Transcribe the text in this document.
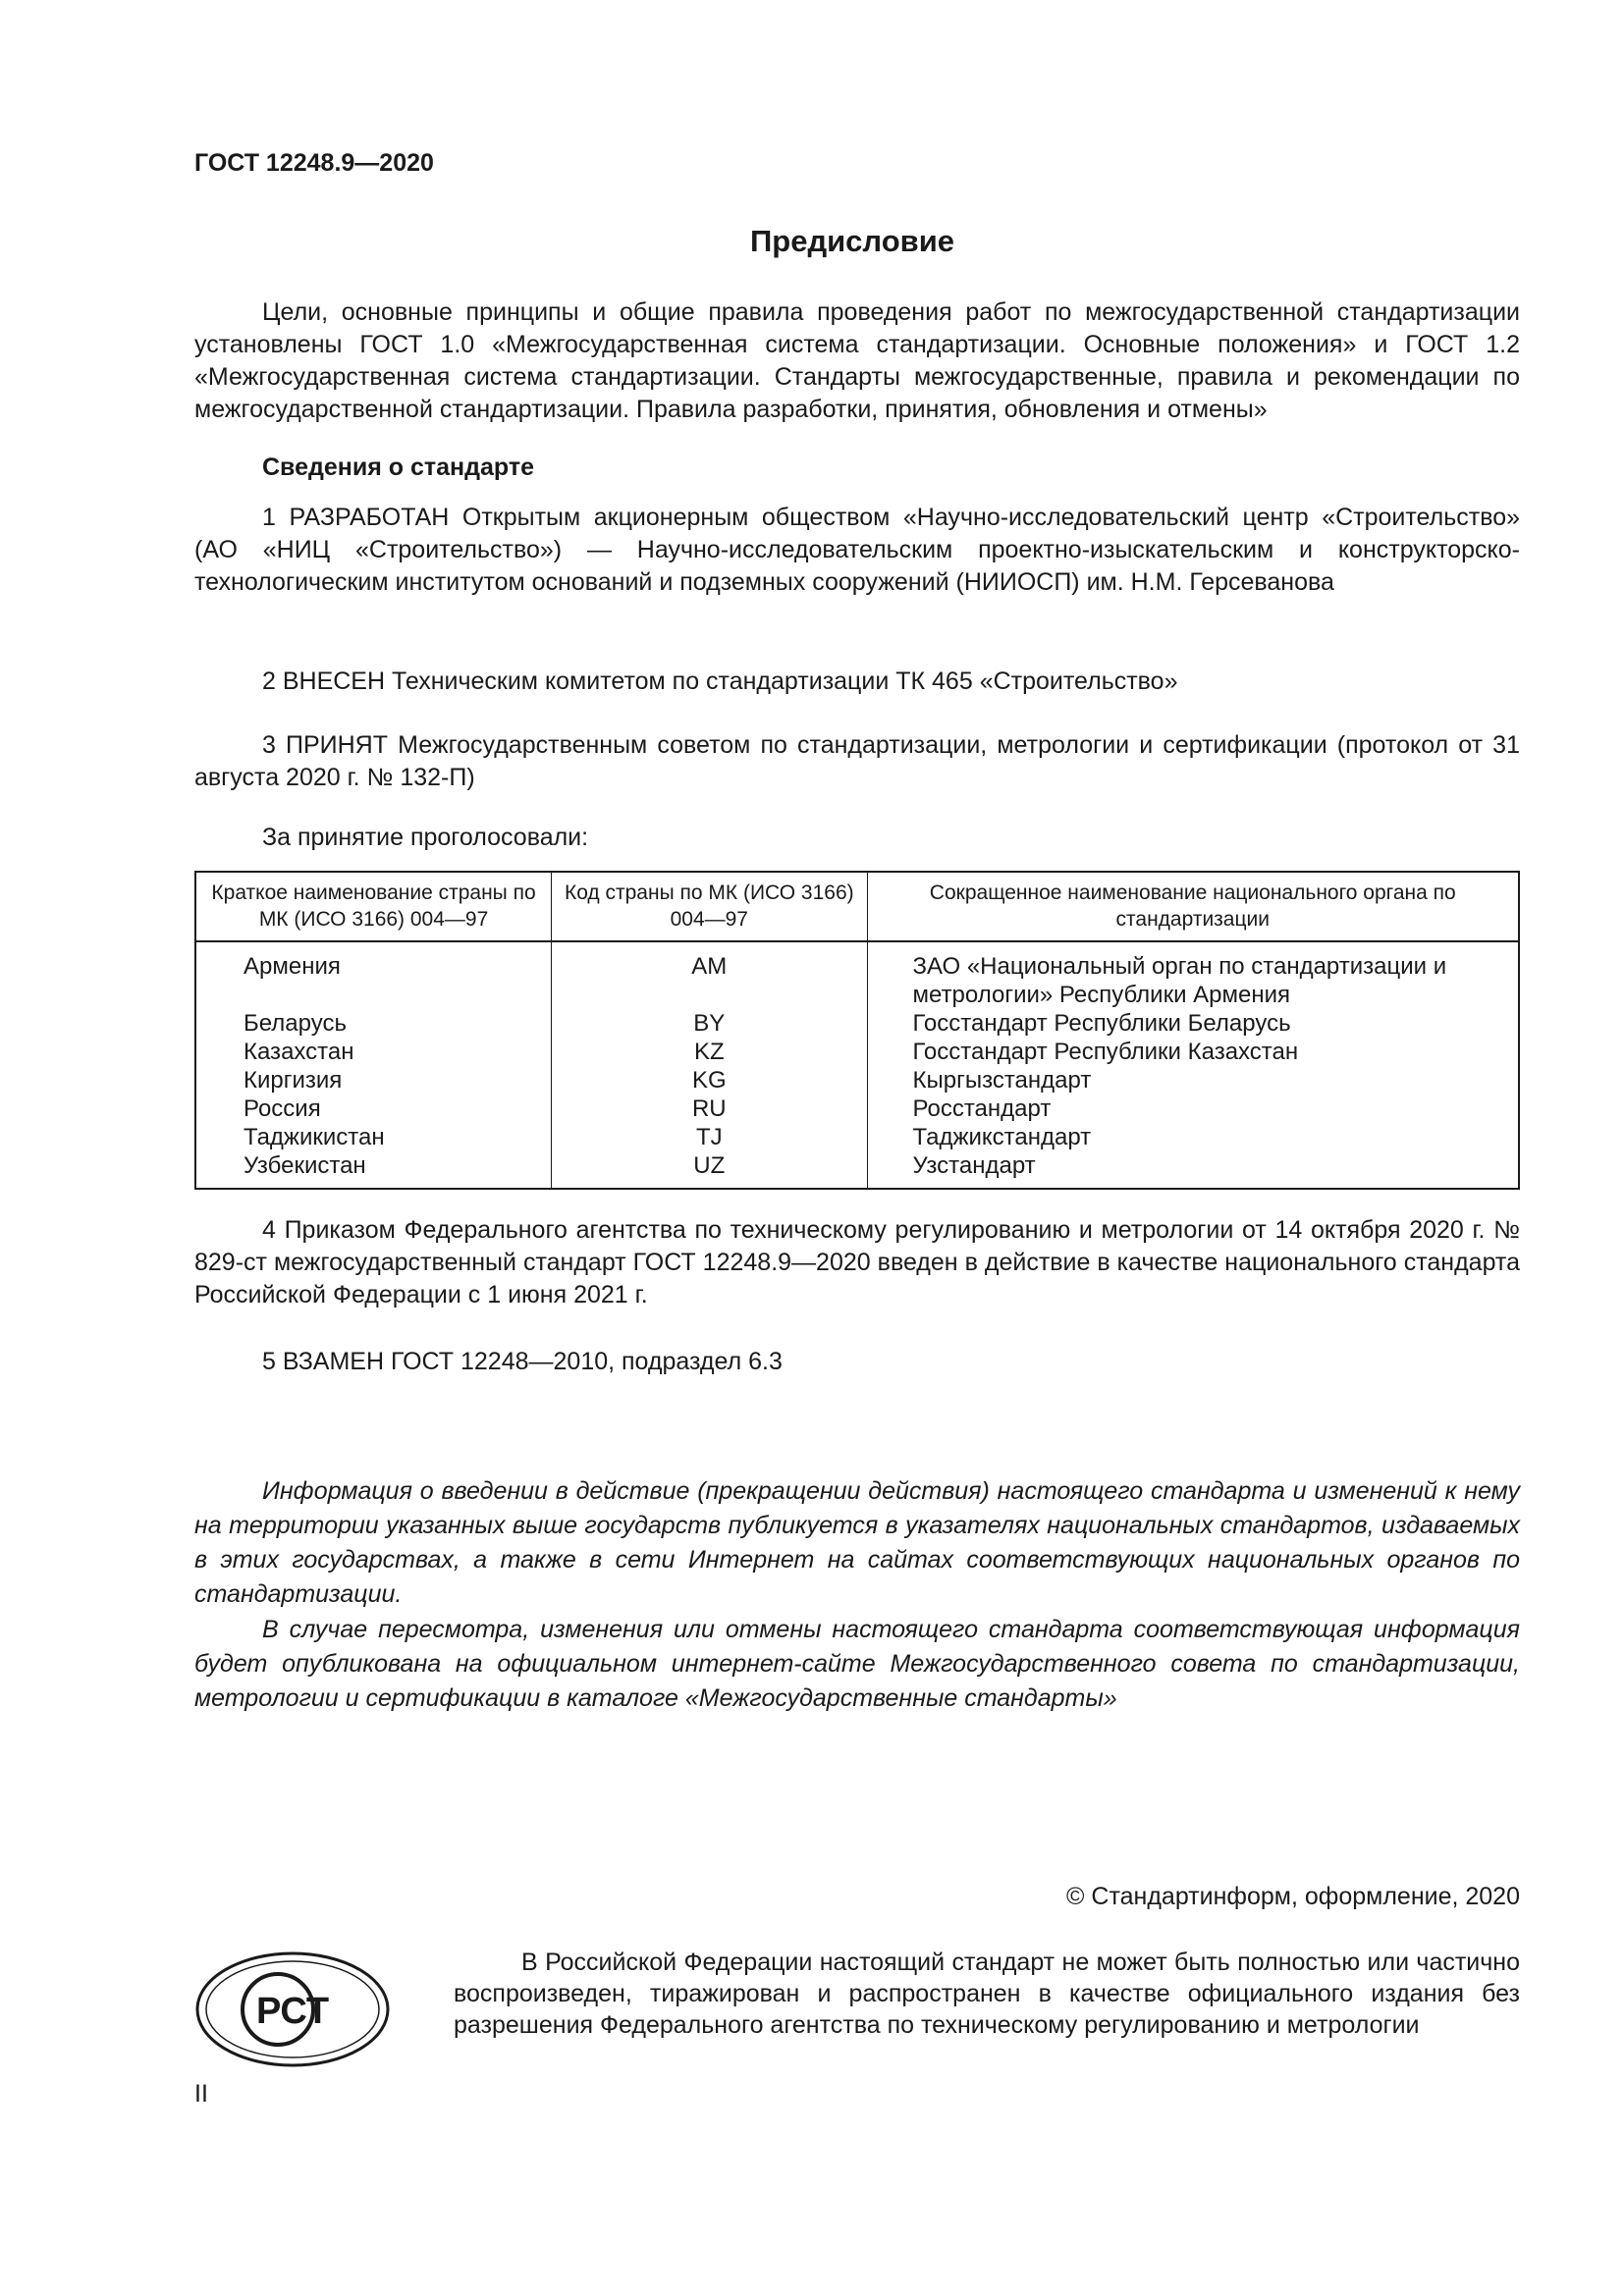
ГОСТ 12248.9—2020
Предисловие

Цели, основные принципы и общие правила проведения работ по межгосударственной стандартизации установлены ГОСТ 1.0 «Межгосударственная система стандартизации. Основные положения» и ГОСТ 1.2 «Межгосударственная система стандартизации. Стандарты межгосударственные, правила и рекомендации по межгосударственной стандартизации. Правила разработки, принятия, обновления и отмены»

Сведения о стандарте

1 РАЗРАБОТАН Открытым акционерным обществом «Научно-исследовательский центр «Строительство» (АО «НИЦ «Строительство») — Научно-исследовательским проектно-изыскательским и конструкторско-технологическим институтом оснований и подземных сооружений (НИИОСП) им. Н.М. Герсеванова

2 ВНЕСЕН Техническим комитетом по стандартизации ТК 465 «Строительство»

3 ПРИНЯТ Межгосударственным советом по стандартизации, метрологии и сертификации (протокол от 31 августа 2020 г. № 132-П)

За принятие проголосовали:
Краткое наименование страны по МК (ИСО 3166) 004—97	Код страны по МК (ИСО 3166) 004—97	Сокращенное наименование национального органа по стандартизации
Армения	AM	ЗАО «Национальный орган по стандартизации и метрологии» Республики Армения
Беларусь	BY	Госстандарт Республики Беларусь
Казахстан	KZ	Госстандарт Республики Казахстан
Киргизия	KG	Кыргызстандарт
Россия	RU	Росстандарт
Таджикистан	TJ	Таджикстандарт
Узбекистан	UZ	Узстандарт

4 Приказом Федерального агентства по техническому регулированию и метрологии от 14 октября 2020 г. № 829-ст межгосударственный стандарт ГОСТ 12248.9—2020 введен в действие в качестве национального стандарта Российской Федерации с 1 июня 2021 г.

5 ВЗАМЕН ГОСТ 12248—2010, подраздел 6.3

Информация о введении в действие (прекращении действия) настоящего стандарта и изменений к нему на территории указанных выше государств публикуется в указателях национальных стандартов, издаваемых в этих государствах, а также в сети Интернет на сайтах соответствующих национальных органов по стандартизации.

В случае пересмотра, изменения или отмены настоящего стандарта соответствующая информация будет опубликована на официальном интернет-сайте Межгосударственного совета по стандартизации, метрологии и сертификации в каталоге «Межгосударственные стандарты»

© Стандартинформ, оформление, 2020
РСТ

В Российской Федерации настоящий стандарт не может быть полностью или частично воспроизведен, тиражирован и распространен в качестве официального издания без разрешения Федерального агентства по техническому регулированию и метрологии

II
